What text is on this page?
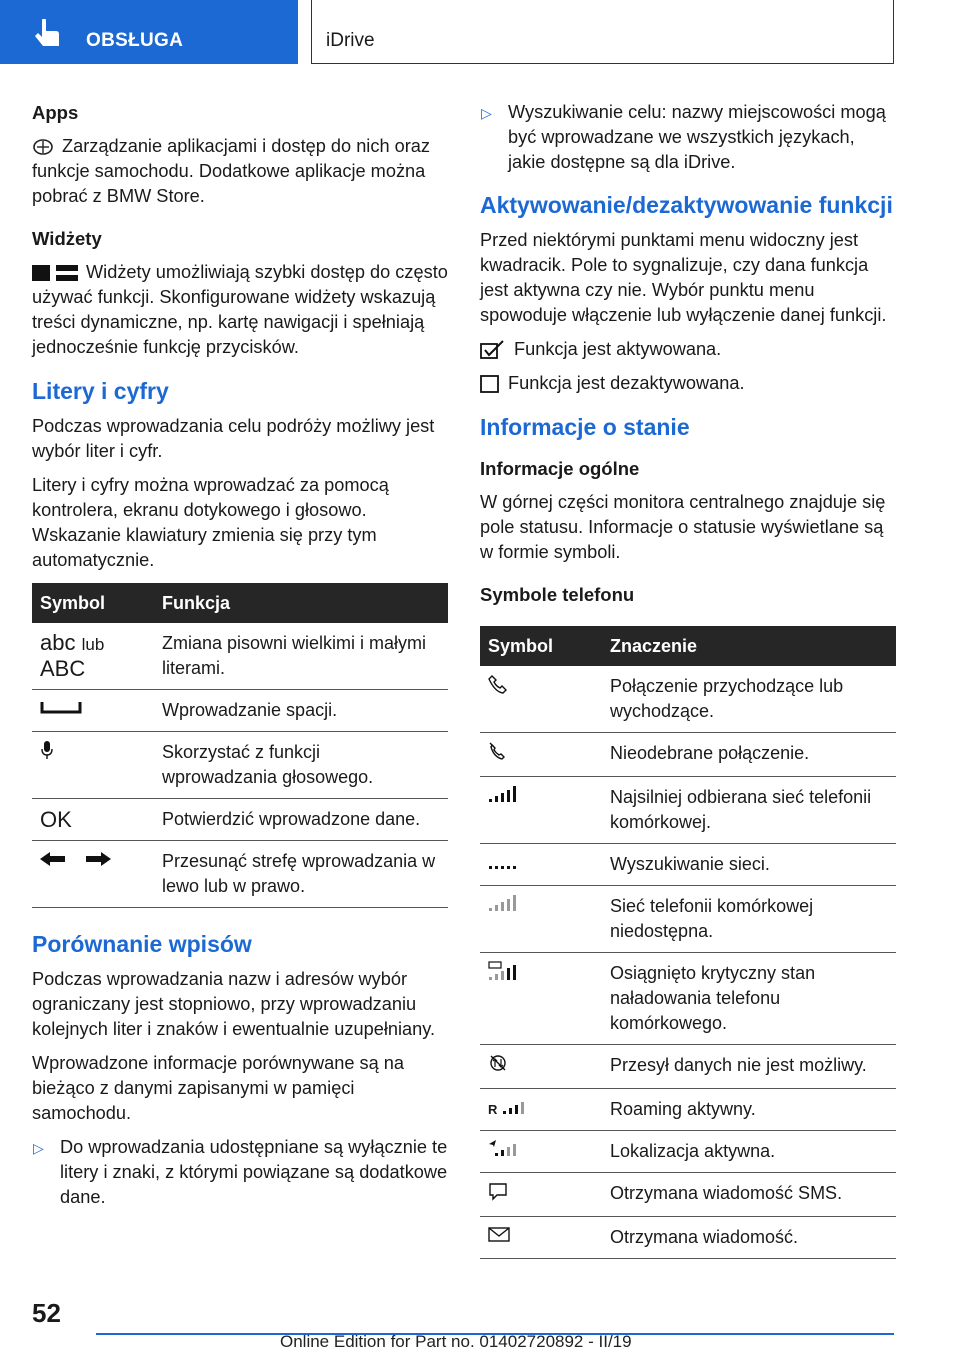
OBSŁUGA	iDrive
Apps

Zarządzanie aplikacjami i dostęp do nich oraz funkcje samochodu. Dodatkowe aplikacje można pobrać z BMW Store.

Widżety

Widżety umożliwiają szybki dostęp do często używać funkcji. Skonfigurowane widżety wskazują treści dynamiczne, np. kartę nawigacji i spełniają jednocześnie funkcję przycisków.

Litery i cyfry

Podczas wprowadzania celu podróży możliwy jest wybór liter i cyfr.

Litery i cyfry można wprowadzać za pomocą kontrolera, ekranu dotykowego i głosowo. Wskazanie klawiatury zmienia się przy tym automatycznie.

Symbol	Funkcja

abc lub
ABC	Zmiana pisowni wielkimi i małymi literami.
	Wprowadzanie spacji.
	Skorzystać z funkcji wprowadzania głosowego.
OK	Potwierdzić wprowadzone dane.
	Przesunąć strefę wprowadzania w lewo lub w prawo.
Porównanie wpisów

Podczas wprowadzania nazw i adresów wybór ograniczany jest stopniowo, przy wprowadzaniu kolejnych liter i znaków i ewentualnie uzupełniany.

Wprowadzone informacje porównywane są na bieżąco z danymi zapisanymi w pamięci samochodu.

▷ Do wprowadzania udostępniane są wyłącznie te litery i znaki, z którymi powiązane są dodatkowe dane.
▷ Wyszukiwanie celu: nazwy miejscowości mogą być wprowadzane we wszystkich językach, jakie dostępne są dla iDrive.
Aktywowanie/dezaktywowanie funkcji

Przed niektórymi punktami menu widoczny jest kwadracik. Pole to sygnalizuje, czy dana funkcja jest aktywna czy nie. Wybór punktu menu spowoduje włączenie lub wyłączenie danej funkcji.

Funkcja jest aktywowana.

Funkcja jest dezaktywowana.

Informacje o stanie
Informacje ogólne

W górnej części monitora centralnego znajduje się pole statusu. Informacje o statusie wyświetlane są w formie symboli.

Symbole telefonu
Symbol	Znaczenie
	Połączenie przychodzące lub wychodzące.
	Nieodebrane połączenie.
	Najsilniej odbierana sieć telefonii komórkowej.
	Wyszukiwanie sieci.
	Sieć telefonii komórkowej niedostępna.
	Osiągnięto krytyczny stan naładowania telefonu komórkowego.
	Przesył danych nie jest możliwy.
$^R$	Roaming aktywny.
	Lokalizacja aktywna.
	Otrzymana wiadomość SMS.
	Otrzymana wiadomość.
52
Online Edition for Part no. 01402720892 - II/19
